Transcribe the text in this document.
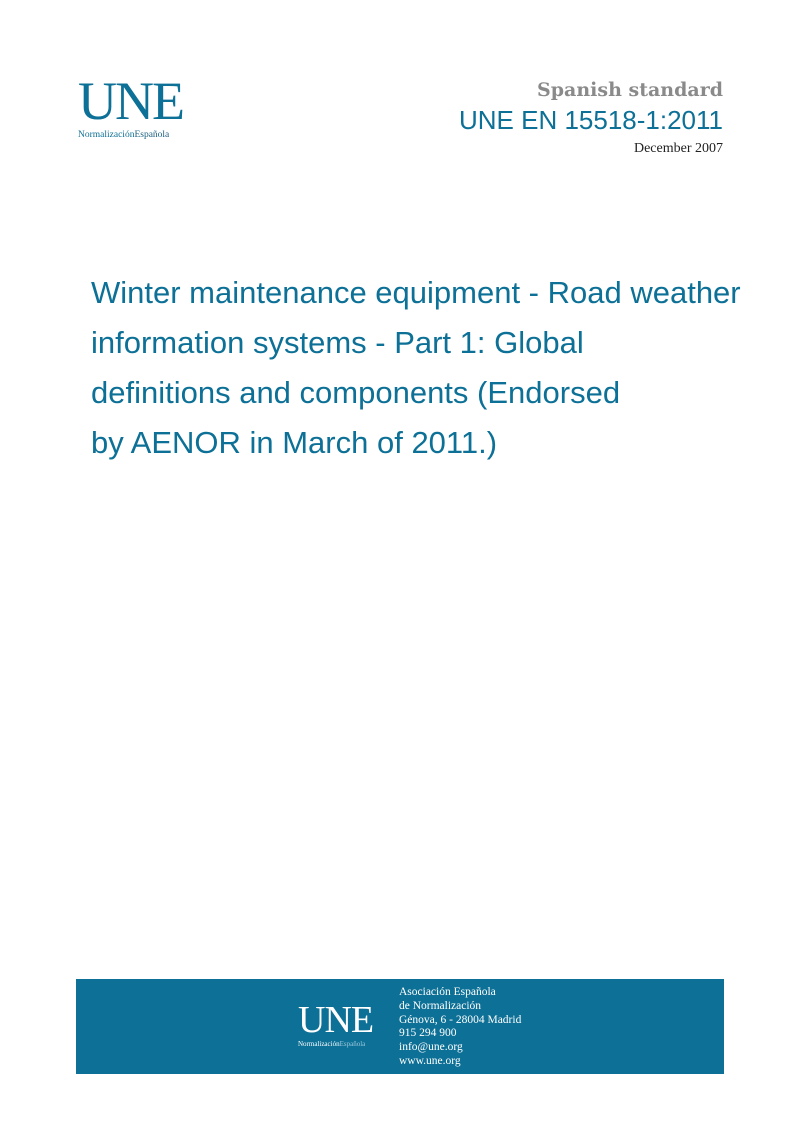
UNE
NormalizaciónEspañola
Spanish standard
UNE EN 15518-1:2011
December 2007
Winter maintenance equipment - Road weather
information systems - Part 1: Global
definitions and components (Endorsed
by AENOR in March of 2011.)
UNE
NormalizaciónEspañola
Asociación Española
de Normalización
Génova, 6 - 28004 Madrid
915 294 900
info@une.org
www.une.org
